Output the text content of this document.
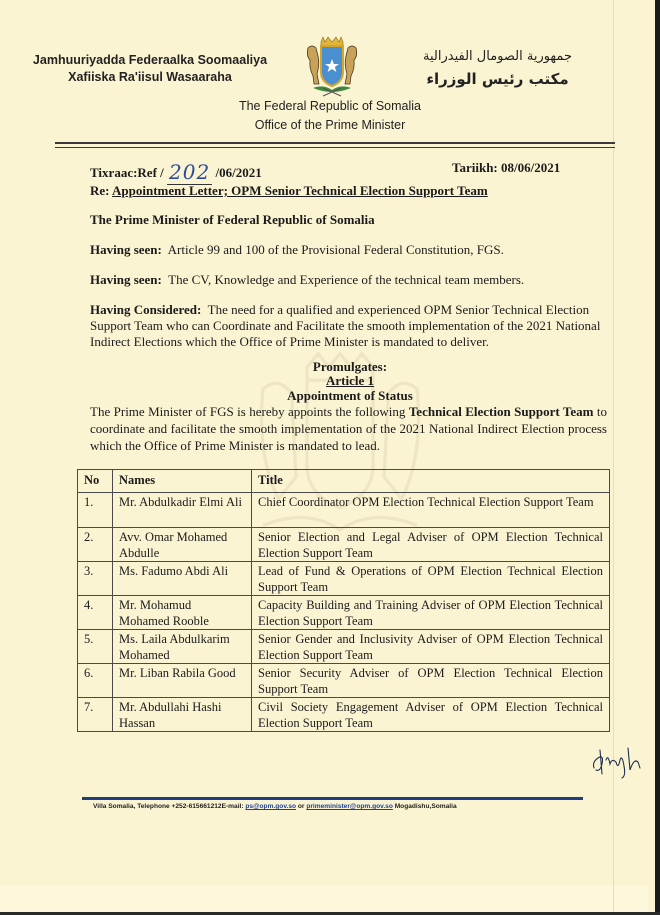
Jamhuuriyadda Federaalka Soomaaliya
Xafiiska Ra'iisul Wasaaraha
جمهورية الصومال الفيدرالية
مكتب رئيس الوزراء
The Federal Republic of Somalia
Office of the Prime Minister
Tixraac:Ref / 202 /06/2021	Tariikh: 08/06/2021
Re: Appointment Letter; OPM Senior Technical Election Support Team
The Prime Minister of Federal Republic of Somalia
Having seen: Article 99 and 100 of the Provisional Federal Constitution, FGS.
Having seen: The CV, Knowledge and Experience of the technical team members.
Having Considered: The need for a qualified and experienced OPM Senior Technical Election Support Team who can Coordinate and Facilitate the smooth implementation of the 2021 National Indirect Elections which the Office of Prime Minister is mandated to deliver.
Promulgates:
Article 1
Appointment of Status
The Prime Minister of FGS is hereby appoints the following Technical Election Support Team to coordinate and facilitate the smooth implementation of the 2021 National Indirect Election process which the Office of Prime Minister is mandated to lead.
No	Names	Title
1.	Mr. Abdulkadir Elmi Ali	Chief Coordinator OPM Election Technical Election Support Team
2.	Avv. Omar Mohamed Abdulle	Senior Election and Legal Adviser of OPM Election Technical Election Support Team
3.	Ms. Fadumo Abdi Ali	Lead of Fund & Operations of OPM Election Technical Election Support Team
4.	Mr. Mohamud Mohamed Rooble	Capacity Building and Training Adviser of OPM Election Technical Election Support Team
5.	Ms. Laila Abdulkarim Mohamed	Senior Gender and Inclusivity Adviser of OPM Election Technical Election Support Team
6.	Mr. Liban Rabila Good	Senior Security Adviser of OPM Election Technical Election Support Team
7.	Mr. Abdullahi Hashi Hassan	Civil Society Engagement Adviser of OPM Election Technical Election Support Team
Villa Somalia, Telephone +252-615661212E-mail: ps@opm.gov.so or primeminister@opm.gov.so Mogadishu,Somalia
